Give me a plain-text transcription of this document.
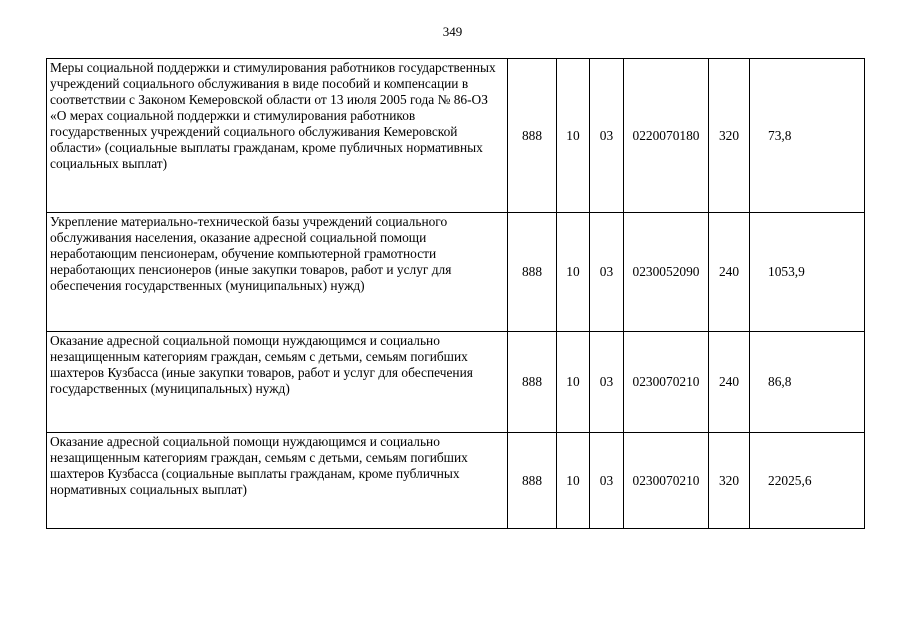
349
Меры социальной поддержки и стимулирования работников государственных учреждений социального обслуживания в виде пособий и компенсации в соответствии с Законом Кемеровской области от 13 июля 2005 года № 86-ОЗ «О мерах социальной поддержки и стимулирования работников государственных учреждений социального обслуживания Кемеровской области» (социальные выплаты гражданам, кроме публичных нормативных социальных выплат)	888	10	03	0220070180	320	73,8
Укрепление материально-технической базы учреждений социального обслуживания населения, оказание адресной социальной помощи неработающим пенсионерам, обучение компьютерной грамотности неработающих пенсионеров (иные закупки товаров, работ и услуг для обеспечения государственных (муниципальных) нужд)	888	10	03	0230052090	240	1053,9
Оказание адресной социальной помощи нуждающимся и социально незащищенным категориям граждан, семьям с детьми, семьям погибших шахтеров Кузбасса (иные закупки товаров, работ и услуг для обеспечения государственных (муниципальных) нужд)	888	10	03	0230070210	240	86,8
Оказание адресной социальной помощи нуждающимся и социально незащищенным категориям граждан, семьям с детьми, семьям погибших шахтеров Кузбасса (социальные выплаты гражданам, кроме публичных нормативных социальных выплат)	888	10	03	0230070210	320	22025,6
